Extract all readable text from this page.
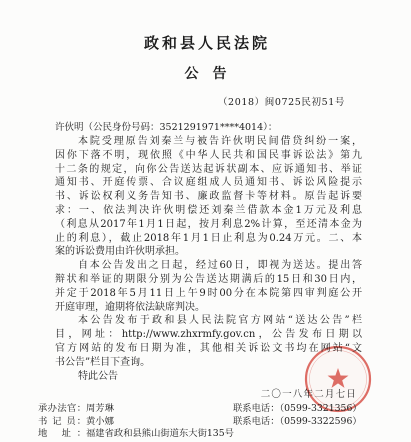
政和县人民法院
公告
（2018）闽0725民初51号
许伙明（公民身份号码：3521291971****4014）：
本院受理原告刘秦兰与被告许伙明民间借贷纠纷一案，
因你下落不明，现依照《中华人民共和国民事诉讼法》第九
十二条的规定，向你公告送达起诉状副本、应诉通知书、举证
通知书、开庭传票、合议庭组成人员通知书、诉讼风险提示
书、诉讼权利义务告知书、廉政监督卡等材料。原告起诉要
求：一、依法判决许伙明偿还刘秦兰借款本金1万元及利息
（利息从2017年1月1日起，按月利息2%计算，至还清本金为
止的利息），截止2018年1月1日止利息为0.24万元。二、本
案的诉讼费用由许伙明承担。
自本公告发出之日起，经过60日，即视为送达。提出答
辩状和举证的期限分别为公告送达期满后的15日和30日内，
并定于2018年5月11日上午9时00分在本院第四审判庭公开
开庭审理，逾期将依法缺席判决。
本公告发布于政和县人民法院官方网站“送达公告”栏
目，网址：http://www.zhxrmfy.gov.cn，公告发布日期以
官方网站的发布日期为准，其他相关诉讼文书均在网站“文
书公告”栏目下查询。
特此公告
二〇一八年二月七日
承办法官：周芳琳	联系电话：（0599-3321356）
书 记 员：黄小娜	联系电话：（0599-3322596）
地 址：福建省政和县熊山街道东大街135号
